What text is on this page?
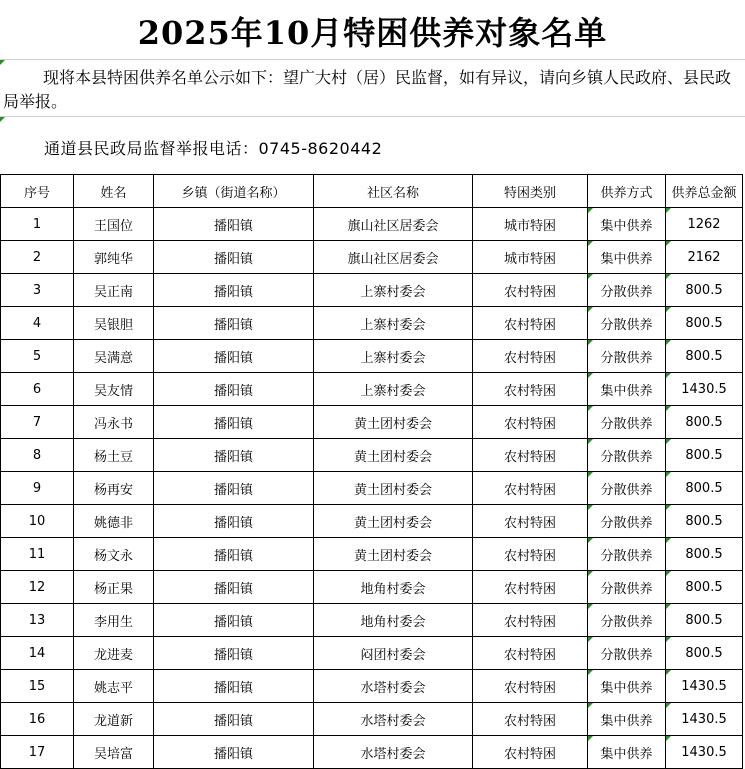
2025年10月特困供养对象名单
现将本县特困供养名单公示如下：望广大村（居）民监督，如有异议，请向乡镇人民政府、县民政局举报。
通道县民政局监督举报电话：0745-8620442
序号	姓名	乡镇（街道名称）	社区名称	特困类别	供养方式	供养总金额
1	王国位	播阳镇	旗山社区居委会	城市特困	集中供养	1262

2	郭纯华	播阳镇	旗山社区居委会	城市特困	集中供养	2162

3	吴正南	播阳镇	上寨村委会	农村特困	分散供养	800.5

4	吴银胆	播阳镇	上寨村委会	农村特困	分散供养	800.5

5	吴满意	播阳镇	上寨村委会	农村特困	分散供养	800.5

6	吴友情	播阳镇	上寨村委会	农村特困	集中供养	1430.5

7	冯永书	播阳镇	黄土团村委会	农村特困	分散供养	800.5

8	杨土豆	播阳镇	黄土团村委会	农村特困	分散供养	800.5

9	杨再安	播阳镇	黄土团村委会	农村特困	分散供养	800.5

10	姚德非	播阳镇	黄土团村委会	农村特困	分散供养	800.5

11	杨文永	播阳镇	黄土团村委会	农村特困	分散供养	800.5

12	杨正果	播阳镇	地角村委会	农村特困	分散供养	800.5

13	李用生	播阳镇	地角村委会	农村特困	分散供养	800.5

14	龙进麦	播阳镇	闷团村委会	农村特困	分散供养	800.5

15	姚志平	播阳镇	水塔村委会	农村特困	集中供养	1430.5

16	龙道新	播阳镇	水塔村委会	农村特困	集中供养	1430.5

17	吴培富	播阳镇	水塔村委会	农村特困	集中供养	1430.5
